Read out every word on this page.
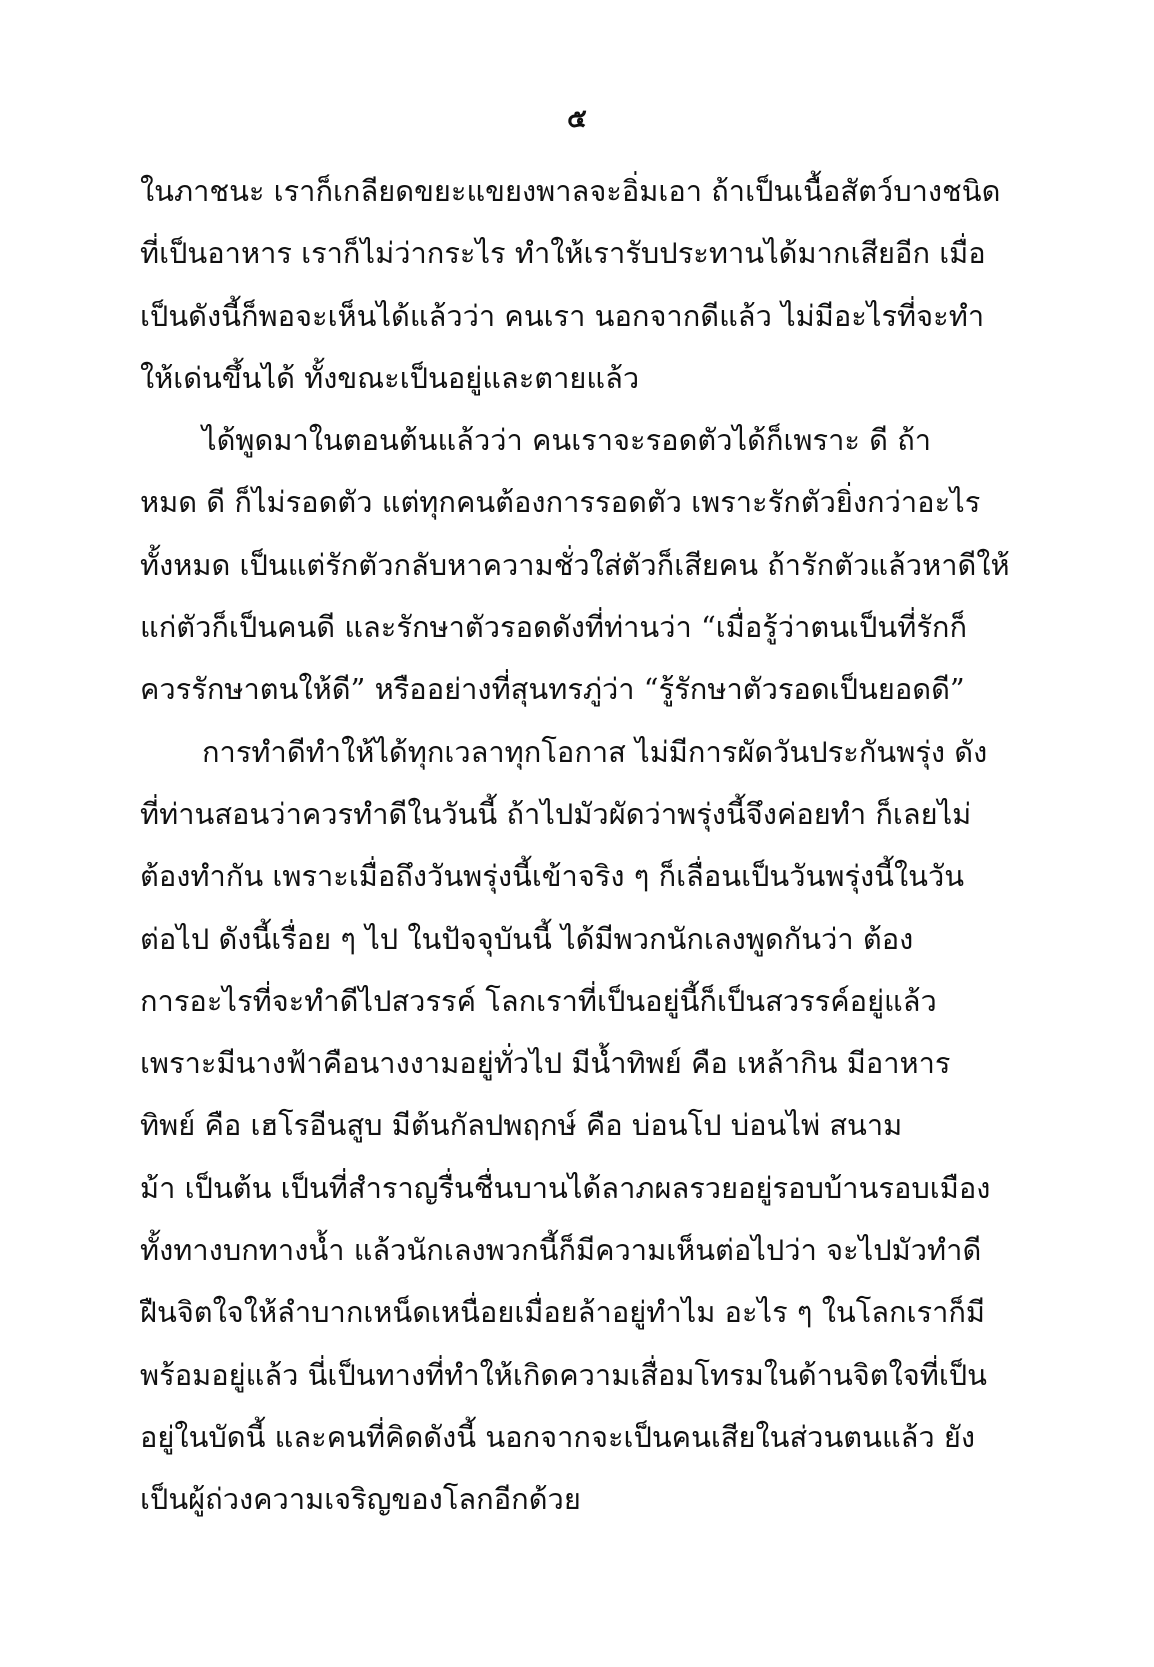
๕
ในภาชนะ เราก็เกลียดขยะแขยงพาลจะอิ่มเอา ถ้าเป็นเนื้อสัตว์บางชนิด
ที่เป็นอาหาร เราก็ไม่ว่ากระไร ทำให้เรารับประทานได้มากเสียอีก เมื่อ
เป็นดังนี้ก็พอจะเห็นได้แล้วว่า คนเรา นอกจากดีแล้ว ไม่มีอะไรที่จะทำ
ให้เด่นขึ้นได้ ทั้งขณะเป็นอยู่และตายแล้ว
ได้พูดมาในตอนต้นแล้วว่า คนเราจะรอดตัวได้ก็เพราะ ดี ถ้า
หมด ดี ก็ไม่รอดตัว แต่ทุกคนต้องการรอดตัว เพราะรักตัวยิ่งกว่าอะไร
ทั้งหมด เป็นแต่รักตัวกลับหาความชั่วใส่ตัวก็เสียคน ถ้ารักตัวแล้วหาดีให้
แก่ตัวก็เป็นคนดี และรักษาตัวรอดดังที่ท่านว่า “เมื่อรู้ว่าตนเป็นที่รักก็
ควรรักษาตนให้ดี” หรืออย่างที่สุนทรภู่ว่า “รู้รักษาตัวรอดเป็นยอดดี”
การทำดีทำให้ได้ทุกเวลาทุกโอกาส ไม่มีการผัดวันประกันพรุ่ง ดัง
ที่ท่านสอนว่าควรทำดีในวันนี้ ถ้าไปมัวผัดว่าพรุ่งนี้จึงค่อยทำ ก็เลยไม่
ต้องทำกัน เพราะเมื่อถึงวันพรุ่งนี้เข้าจริง ๆ ก็เลื่อนเป็นวันพรุ่งนี้ในวัน
ต่อไป ดังนี้เรื่อย ๆ ไป ในปัจจุบันนี้ ได้มีพวกนักเลงพูดกันว่า ต้อง
การอะไรที่จะทำดีไปสวรรค์ โลกเราที่เป็นอยู่นี้ก็เป็นสวรรค์อยู่แล้ว
เพราะมีนางฟ้าคือนางงามอยู่ทั่วไป มีน้ำทิพย์ คือ เหล้ากิน มีอาหาร
ทิพย์ คือ เฮโรอีนสูบ มีต้นกัลปพฤกษ์ คือ บ่อนโป บ่อนไพ่ สนาม
ม้า เป็นต้น เป็นที่สำราญรื่นชื่นบานได้ลาภผลรวยอยู่รอบบ้านรอบเมือง
ทั้งทางบกทางน้ำ แล้วนักเลงพวกนี้ก็มีความเห็นต่อไปว่า จะไปมัวทำดี
ฝืนจิตใจให้ลำบากเหน็ดเหนื่อยเมื่อยล้าอยู่ทำไม อะไร ๆ ในโลกเราก็มี
พร้อมอยู่แล้ว นี่เป็นทางที่ทำให้เกิดความเสื่อมโทรมในด้านจิตใจที่เป็น
อยู่ในบัดนี้ และคนที่คิดดังนี้ นอกจากจะเป็นคนเสียในส่วนตนแล้ว ยัง
เป็นผู้ถ่วงความเจริญของโลกอีกด้วย
